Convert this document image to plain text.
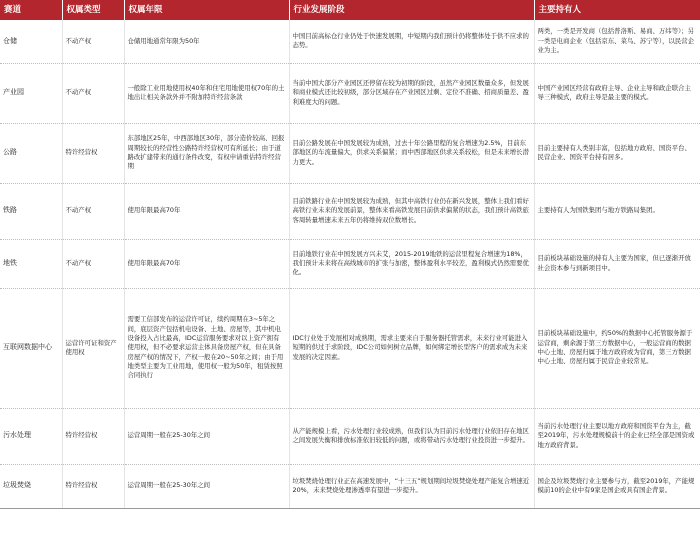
赛道	权属类型	权属年限	行业发展阶段	主要持有人
仓储	不动产权	仓储用地通常年限为50年	中国目前高标仓行业仍处于快速发展期，中短期内我们预计仍将整体处于供不应求的态势。	两类，一类是开发商（包括普洛斯、易商、万纬等）；另一类是电商企业（包括京东、菜鸟、苏宁等），以民营企业为主。
产业园	不动产权	一般除工业用地使用权40年和住宅用地使用权70年的土地出让相关条款外并不附加特许经营条款	当前中国大部分产业园区还停留在较为初期的阶段，虽然产业园区数量众多，但发展和商业模式还比较初级，部分区域存在产业园区过剩、定位不准确、招商质量差、盈利难度大的问题。	中国产业园区经营有政府主导、企业主导和政企联合主导三种模式，政府主导是最主要的模式。
公路	特许经营权	东部地区25年，中西部地区30年，部分造价较高、回报周期较长的经营性公路特许经营权可有所延长；由于道路改扩建带来的通行条件改变，有权申请重估特许经营期	目前公路发展在中国发展较为成熟，过去十年公路里程的复合增速为2.5%，目前东部地区的车流量偏大，供求关系偏紧；而中西部地区供求关系较松，但是未来增长潜力更大。	目前主要持有人类别丰富，包括地方政府、国资平台、民营企业、国资平台持有居多。
铁路	不动产权	使用年限最高70年	目前铁路行业在中国发展较为成熟，但其中高铁行业仍在新兴发展，整体上我们看好高铁行业未来的发展前景，整体来看高铁发展目前供求偏紧的状态，我们预计高铁旅客周转量增速未来五年仍将维持双位数增长。	主要持有人为国铁集团与地方铁路局集团。
地铁	不动产权	使用年限最高70年	目前地铁行业在中国发展方兴未艾，2015-2019地铁的运营里程复合增速为18%，我们预计未来将在高线城市的扩张与加密，整体盈利水平较差，盈利模式仍然需要优化。	目前板块基础设施的持有人主要为国家，但已逐渐开放社会资本参与到新项目中。
互联网数据中心	运营许可证和资产使用权	需要工信部发布的运营许可证，续约周期在3~5年之间，底层资产包括机电设备、土地、房屋等，其中机电设备投入占比最高，IDC运营服务要求对以上资产拥有使用权，但不必要求运营主体具备房屋产权，但在具备房屋产权的情况下，产权一般在20~50年之间；由于用地类型主要为工业用地，使用权一般为50年，租赁按照合同执行	IDC行业处于发展相对成熟期，需求主要来自于服务器托管需求，未来行业可能进入短期的供过于求阶段，IDC公司如何树立品牌，如何绑定增长型客户的需求成为未来发展的决定因素。	目前板块基础设施中，约50%的数据中心托管服务源于运营商，剩余源于第三方数据中心，一般运营商的数据中心土地、房屋归属于地方政府或为营商，第三方数据中心土地、房屋归属于民营企业较常见。
污水处理	特许经营权	运营周期一般在25-30年之间	从产能规模上看，污水处理行业较成熟，但我们认为目前污水处理行业依旧存在地区之间发展失衡和排放标准依旧较低的问题，或将带动污水处理行业投资进一步提升。	当前污水处理行业主要以地方政府和国资平台为主，截至2019年，污水处理规模前十的企业已经全部是国资或地方政府背景。
垃圾焚烧	特许经营权	运营周期一般在25-30年之间	垃圾焚烧处理行业正在高速发展中，“十三五”规划期间垃圾焚烧处理产能复合增速近20%，未来焚烧处理渗透率有望进一步提升。	国企及垃圾焚烧行业主要参与方，截至2019年，产能规模前10的企业中有9家是国企或具有国企背景。
